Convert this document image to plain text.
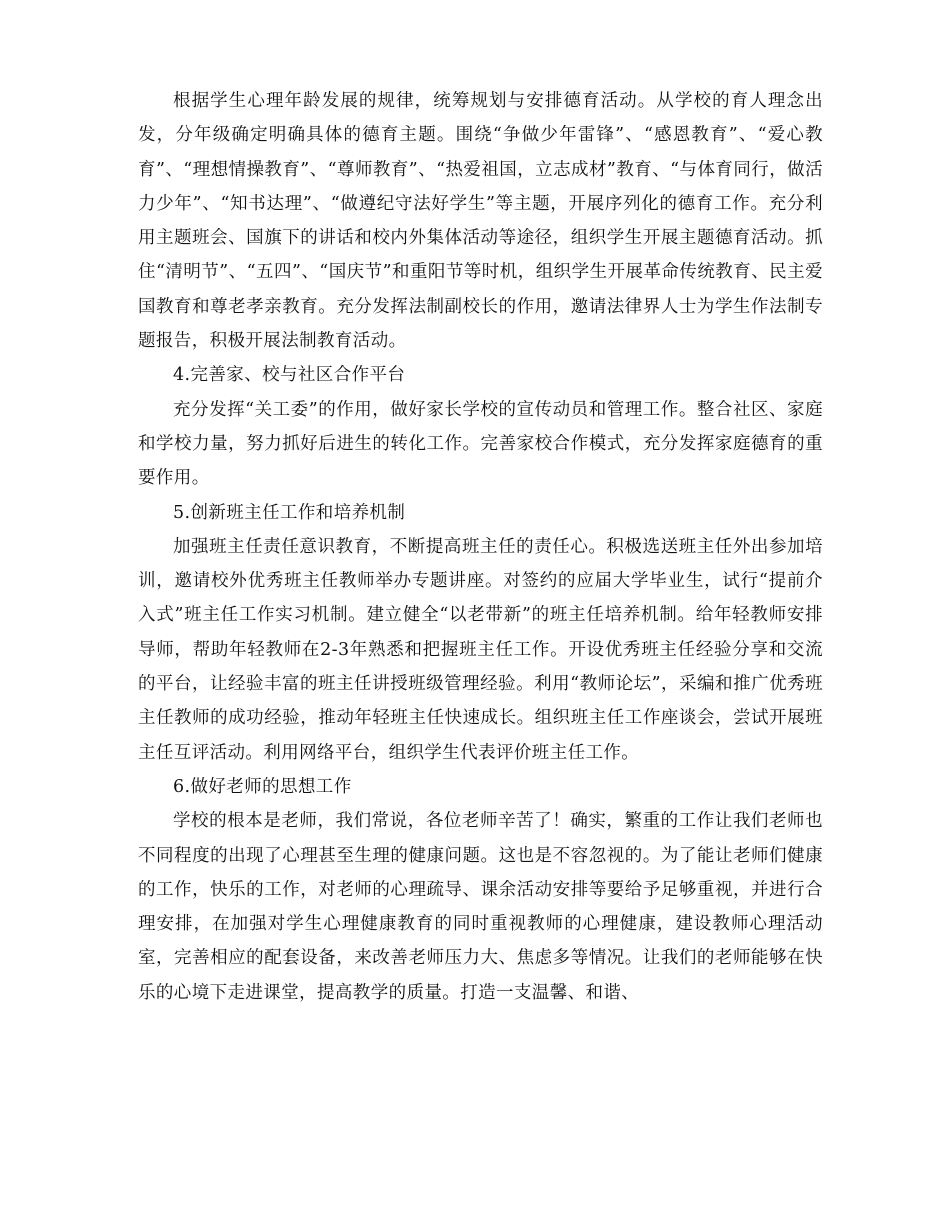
根据学生心理年龄发展的规律，统筹规划与安排德育活动。从学校的育人理念出发，分年级确定明确具体的德育主题。围绕“争做少年雷锋”、“感恩教育”、“爱心教育”、“理想情操教育”、“尊师教育”、“热爱祖国，立志成材”教育、“与体育同行，做活力少年”、“知书达理”、“做遵纪守法好学生”等主题，开展序列化的德育工作。充分利用主题班会、国旗下的讲话和校内外集体活动等途径，组织学生开展主题德育活动。抓住“清明节”、“五四”、“国庆节”和重阳节等时机，组织学生开展革命传统教育、民主爱国教育和尊老孝亲教育。充分发挥法制副校长的作用，邀请法律界人士为学生作法制专题报告，积极开展法制教育活动。

4.完善家、校与社区合作平台

充分发挥“关工委”的作用，做好家长学校的宣传动员和管理工作。整合社区、家庭和学校力量，努力抓好后进生的转化工作。完善家校合作模式，充分发挥家庭德育的重要作用。

5.创新班主任工作和培养机制

加强班主任责任意识教育，不断提高班主任的责任心。积极选送班主任外出参加培训，邀请校外优秀班主任教师举办专题讲座。对签约的应届大学毕业生，试行“提前介入式”班主任工作实习机制。建立健全“以老带新”的班主任培养机制。给年轻教师安排导师，帮助年轻教师在2-3年熟悉和把握班主任工作。开设优秀班主任经验分享和交流的平台，让经验丰富的班主任讲授班级管理经验。利用“教师论坛”，采编和推广优秀班主任教师的成功经验，推动年轻班主任快速成长。组织班主任工作座谈会，尝试开展班主任互评活动。利用网络平台，组织学生代表评价班主任工作。

6.做好老师的思想工作

学校的根本是老师，我们常说，各位老师辛苦了！确实，繁重的工作让我们老师也不同程度的出现了心理甚至生理的健康问题。这也是不容忽视的。为了能让老师们健康的工作，快乐的工作，对老师的心理疏导、课余活动安排等要给予足够重视，并进行合理安排，在加强对学生心理健康教育的同时重视教师的心理健康，建设教师心理活动室，完善相应的配套设备，来改善老师压力大、焦虑多等情况。让我们的老师能够在快乐的心境下走进课堂，提高教学的质量。打造一支温馨、和谐、
